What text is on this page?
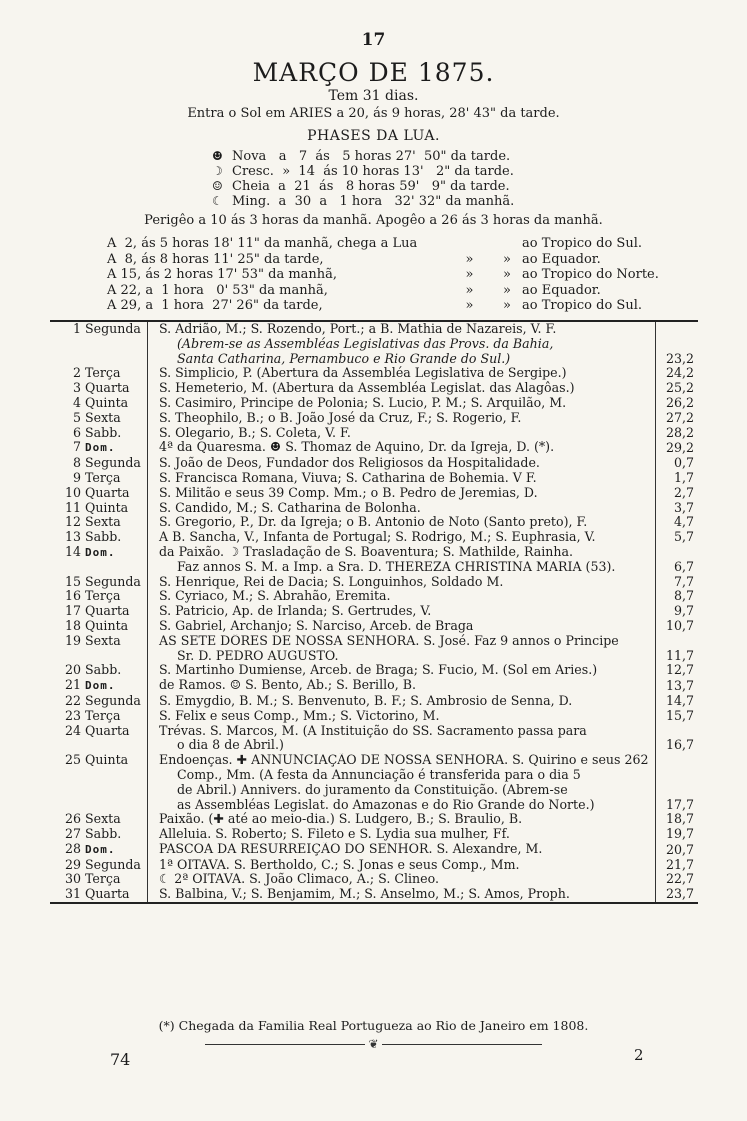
17
MARÇO DE 1875.
Tem 31 dias.
Entra o Sol em ARIES a 20, ás 9 horas, 28' 43" da tarde.
PHASES DA LUA.
☻ Nova   a   7  ás   5 horas 27'  50" da tarde.
☽ Cresc.  »  14  ás 10 horas 13'   2" da tarde.
☺ Cheia  a  21  ás   8 horas 59'   9" da tarde.
☾ Ming.  a  30  a   1 hora   32' 32" da manhã.
Perigêo a 10 ás 3 horas da manhã. Apogêo a 26 ás 3 horas da manhã.
A  2, ás 5 horas 18' 11" da manhã, chega a Lua	ao Tropico do Sul.
A  8, ás 8 horas 11' 25" da tarde,	» » ao Equador.
A 15, ás 2 horas 17' 53" da manhã,	» » ao Tropico do Norte.
A 22, a  1 hora   0' 53" da manhã,	» » ao Equador.
A 29, a  1 hora  27' 26" da tarde,	» » ao Tropico do Sul.
1 Segunda	S. Adrião, M.; S. Rozendo, Port.; a B. Mathia de Nazareis, V. F.
(Abrem-se as Assembléas Legislativas das Provs. da Bahia,
Santa Catharina, Pernambuco e Rio Grande do Sul.)	23,2
2 Terça	S. Simplicio, P. (Abertura da Assembléa Legislativa de Sergipe.)	24,2
3 Quarta	S. Hemeterio, M. (Abertura da Assembléa Legislat. das Alagôas.)	25,2
4 Quinta	S. Casimiro, Principe de Polonia; S. Lucio, P. M.; S. Arquilão, M.	26,2
5 Sexta	S. Theophilo, B.; o B. João José da Cruz, F.; S. Rogerio, F.	27,2
6 Sabb.	S. Olegario, B.; S. Coleta, V. F.	28,2
7 Dom.	4ª da Quaresma. ☻ S. Thomaz de Aquino, Dr. da Igreja, D. (*).	29,2
8 Segunda	S. João de Deos, Fundador dos Religiosos da Hospitalidade.	0,7
9 Terça	S. Francisca Romana, Viuva; S. Catharina de Bohemia. V F.	1,7
10 Quarta	S. Militão e seus 39 Comp. Mm.; o B. Pedro de Jeremias, D.	2,7
11 Quinta	S. Candido, M.; S. Catharina de Bolonha.	3,7
12 Sexta	S. Gregorio, P., Dr. da Igreja; o B. Antonio de Noto (Santo preto), F.	4,7
13 Sabb.	A B. Sancha, V., Infanta de Portugal; S. Rodrigo, M.; S. Euphrasia, V.	5,7
14 Dom.	da Paixão. ☽ Trasladação de S. Boaventura; S. Mathilde, Rainha.
Faz annos S. M. a Imp. a Sra. D. THEREZA CHRISTINA MARIA (53).	6,7
15 Segunda	S. Henrique, Rei de Dacia; S. Longuinhos, Soldado M.	7,7
16 Terça	S. Cyriaco, M.; S. Abrahão, Eremita.	8,7
17 Quarta	S. Patricio, Ap. de Irlanda; S. Gertrudes, V.	9,7
18 Quinta	S. Gabriel, Archanjo; S. Narciso, Arceb. de Braga	10,7
19 Sexta	AS SETE DÔRES DE NOSSA SENHORA. S. José. Faz 9 annos o Principe
Sr. D. PEDRO AUGUSTO.	11,7
20 Sabb.	S. Martinho Dumiense, Arceb. de Braga; S. Fucio, M. (Sol em Aries.)	12,7
21 Dom.	de Ramos. ☺ S. Bento, Ab.; S. Berillo, B.	13,7
22 Segunda	S. Emygdio, B. M.; S. Benvenuto, B. F.; S. Ambrosio de Senna, D.	14,7
23 Terça	S. Felix e seus Comp., Mm.; S. Victorino, M.	15,7
24 Quarta	Trévas. S. Marcos, M. (A Instituição do SS. Sacramento passa para
o dia 8 de Abril.)	16,7
25 Quinta	Endoenças. ✚ ANNUNCIAÇÃO DE NOSSA SENHORA. S. Quirino e seus 262
Comp., Mm. (A festa da Annunciação é transferida para o dia 5
de Abril.) Annivers. do juramento da Constituição. (Abrem-se
as Assembléas Legislat. do Amazonas e do Rio Grande do Norte.)	17,7
26 Sexta	Paixão. (✚ até ao meio-dia.) S. Ludgero, B.; S. Braulio, B.	18,7
27 Sabb.	Alleluia. S. Roberto; S. Fileto e S. Lydia sua mulher, Ff.	19,7
28 Dom.	PASCOA DA RESURREIÇÃO DO SENHOR. S. Alexandre, M.	20,7
29 Segunda	1ª OITAVA. S. Bertholdo, C.; S. Jonas e seus Comp., Mm.	21,7
30 Terça	☾ 2ª OITAVA. S. João Climaco, A.; S. Clineo.	22,7
31 Quarta	S. Balbina, V.; S. Benjamim, M.; S. Anselmo, M.; S. Amos, Proph.	23,7
(*) Chegada da Familia Real Portugueza ao Rio de Janeiro em 1808.
❦
74	2
